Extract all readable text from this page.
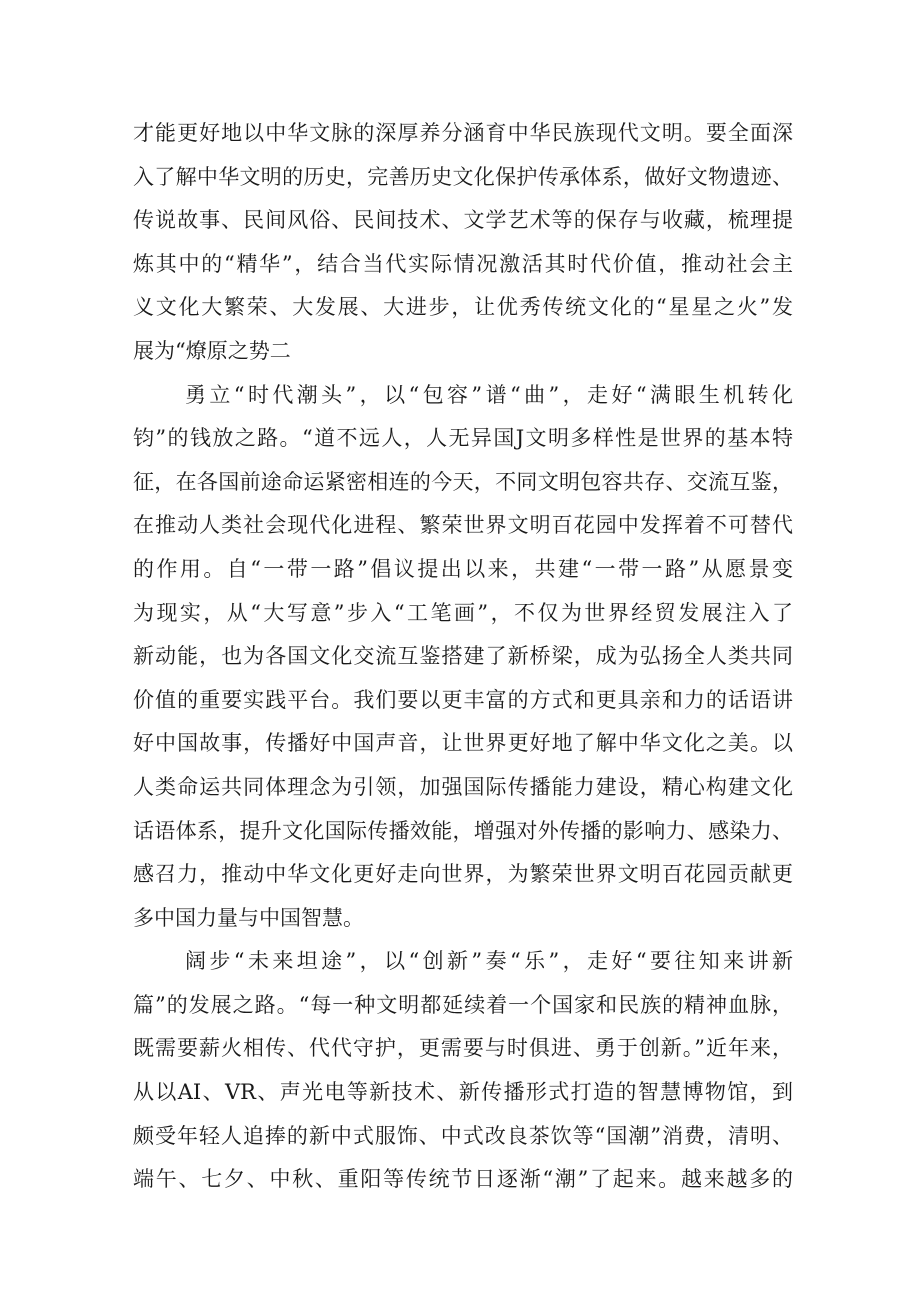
才能更好地以中华文脉的深厚养分涵育中华民族现代文明。要全面深
入了解中华文明的历史，完善历史文化保护传承体系，做好文物遗迹、
传说故事、民间风俗、民间技术、文学艺术等的保存与收藏，梳理提
炼其中的“精华”，结合当代实际情况激活其时代价值，推动社会主
义文化大繁荣、大发展、大进步，让优秀传统文化的“星星之火”发
展为“燎原之势二
勇立“时代潮头”，以“包容”谱“曲”，走好“满眼生机转化
钧”的钱放之路。“道不远人，人无异国J文明多样性是世界的基本特
征，在各国前途命运紧密相连的今天，不同文明包容共存、交流互鉴，
在推动人类社会现代化进程、繁荣世界文明百花园中发挥着不可替代
的作用。自“一带一路”倡议提出以来，共建“一带一路”从愿景变
为现实，从“大写意”步入“工笔画”，不仅为世界经贸发展注入了
新动能，也为各国文化交流互鉴搭建了新桥梁，成为弘扬全人类共同
价值的重要实践平台。我们要以更丰富的方式和更具亲和力的话语讲
好中国故事，传播好中国声音，让世界更好地了解中华文化之美。以
人类命运共同体理念为引领，加强国际传播能力建设，精心构建文化
话语体系，提升文化国际传播效能，增强对外传播的影响力、感染力、
感召力，推动中华文化更好走向世界，为繁荣世界文明百花园贡献更
多中国力量与中国智慧。
阔步“未来坦途”，以“创新”奏“乐”，走好“要往知来讲新
篇”的发展之路。“每一种文明都延续着一个国家和民族的精神血脉，
既需要薪火相传、代代守护，更需要与时俱进、勇于创新。”近年来，
从以AI、VR、声光电等新技术、新传播形式打造的智慧博物馆，到
颇受年轻人追捧的新中式服饰、中式改良茶饮等“国潮”消费，清明、
端午、七夕、中秋、重阳等传统节日逐渐“潮”了起来。越来越多的
